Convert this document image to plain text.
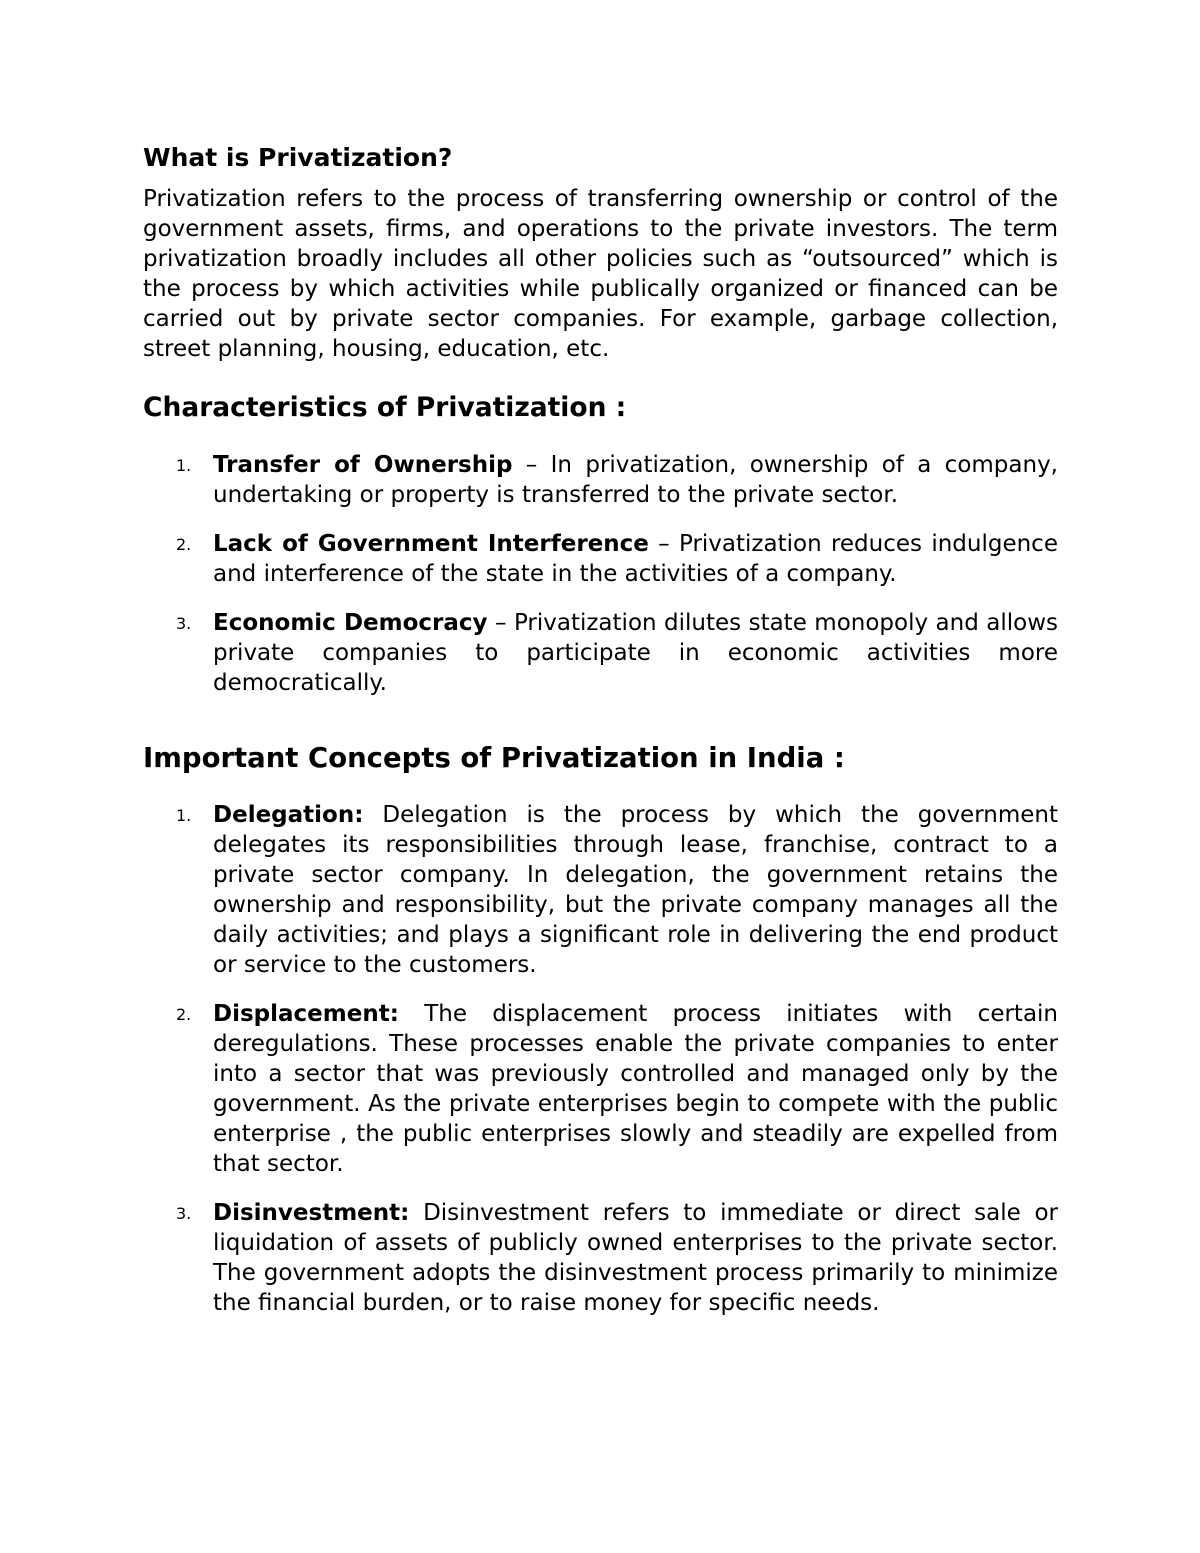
What is Privatization?

Privatization refers to the process of transferring ownership or control of the government assets, firms, and operations to the private investors. The term privatization broadly includes all other policies such as “outsourced” which is the process by which activities while publically organized or financed can be carried out by private sector companies. For example, garbage collection, street planning, housing, education, etc.

Characteristics of Privatization :
1. Transfer of Ownership – In privatization, ownership of a company, undertaking or property is transferred to the private sector.
2. Lack of Government Interference – Privatization reduces indulgence and interference of the state in the activities of a company.
3. Economic Democracy – Privatization dilutes state monopoly and allows private companies to participate in economic activities more democratically.
Important Concepts of Privatization in India :
1. Delegation: Delegation is the process by which the government delegates its responsibilities through lease, franchise, contract to a private sector company. In delegation, the government retains the ownership and responsibility, but the private company manages all the daily activities; and plays a significant role in delivering the end product or service to the customers.
2. Displacement: The displacement process initiates with certain deregulations. These processes enable the private companies to enter into a sector that was previously controlled and managed only by the government. As the private enterprises begin to compete with the public enterprise , the public enterprises slowly and steadily are expelled from that sector.
3. Disinvestment: Disinvestment refers to immediate or direct sale or liquidation of assets of publicly owned enterprises to the private sector. The government adopts the disinvestment process primarily to minimize the financial burden, or to raise money for specific needs.
